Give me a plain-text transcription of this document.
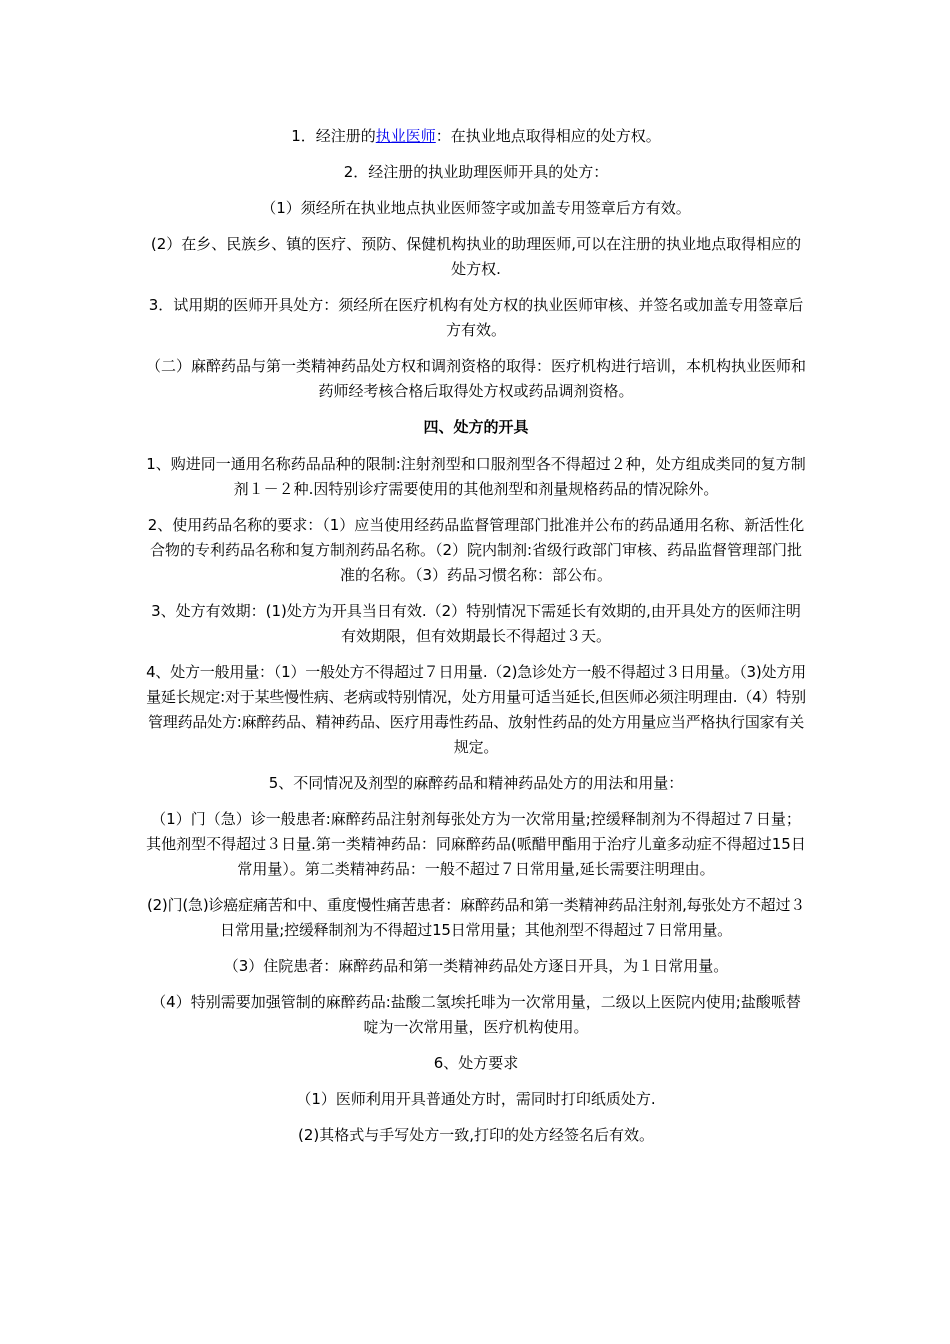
1．经注册的执业医师：在执业地点取得相应的处方权。

2．经注册的执业助理医师开具的处方：

（1）须经所在执业地点执业医师签字或加盖专用签章后方有效。

(2）在乡、民族乡、镇的医疗、预防、保健机构执业的助理医师,可以在注册的执业地点取得相应的处方权.

3．试用期的医师开具处方：须经所在医疗机构有处方权的执业医师审核、并签名或加盖专用签章后方有效。

（二）麻醉药品与第一类精神药品处方权和调剂资格的取得：医疗机构进行培训，本机构执业医师和药师经考核合格后取得处方权或药品调剂资格。

四、处方的开具

1、购进同一通用名称药品品种的限制:注射剂型和口服剂型各不得超过２种，处方组成类同的复方制剂１－２种.因特别诊疗需要使用的其他剂型和剂量规格药品的情况除外。

2、使用药品名称的要求：（1）应当使用经药品监督管理部门批准并公布的药品通用名称、新活性化合物的专利药品名称和复方制剂药品名称。（2）院内制剂:省级行政部门审核、药品监督管理部门批准的名称。（3）药品习惯名称：部公布。

3、处方有效期：(1)处方为开具当日有效.（2）特别情况下需延长有效期的,由开具处方的医师注明有效期限，但有效期最长不得超过３天。

4、处方一般用量：（1）一般处方不得超过７日用量.（2)急诊处方一般不得超过３日用量。（3)处方用量延长规定:对于某些慢性病、老病或特别情况，处方用量可适当延长,但医师必须注明理由.（4）特别管理药品处方:麻醉药品、精神药品、医疗用毒性药品、放射性药品的处方用量应当严格执行国家有关规定。

5、不同情况及剂型的麻醉药品和精神药品处方的用法和用量：

（1）门（急）诊一般患者:麻醉药品注射剂每张处方为一次常用量;控缓释制剂为不得超过７日量；其他剂型不得超过３日量.第一类精神药品：同麻醉药品(哌醋甲酯用于治疗儿童多动症不得超过15日常用量）。第二类精神药品：一般不超过７日常用量,延长需要注明理由。

(2)门(急)诊癌症痛苦和中、重度慢性痛苦患者：麻醉药品和第一类精神药品注射剂,每张处方不超过３日常用量;控缓释制剂为不得超过15日常用量；其他剂型不得超过７日常用量。

（3）住院患者：麻醉药品和第一类精神药品处方逐日开具，为１日常用量。

（4）特别需要加强管制的麻醉药品:盐酸二氢埃托啡为一次常用量，二级以上医院内使用;盐酸哌替啶为一次常用量，医疗机构使用。

6、处方要求

（1）医师利用开具普通处方时，需同时打印纸质处方.

(2)其格式与手写处方一致,打印的处方经签名后有效。
